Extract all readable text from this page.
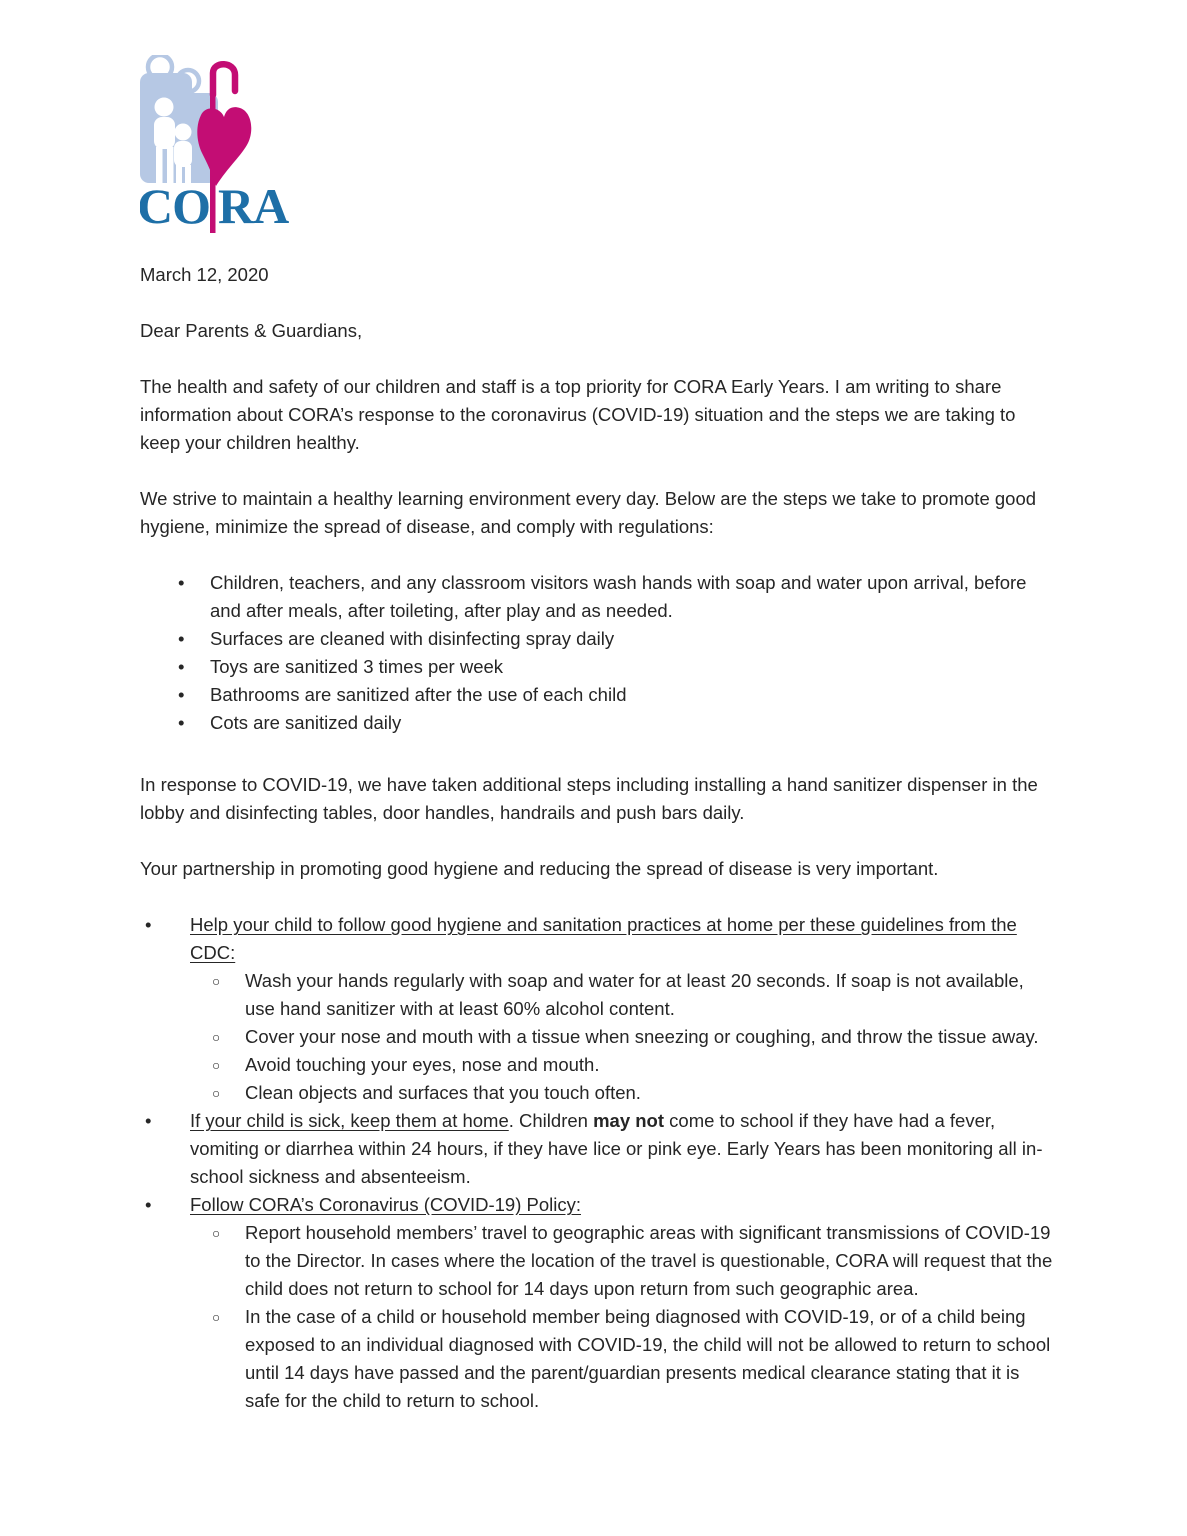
CO RA

March 12, 2020

Dear Parents & Guardians,

The health and safety of our children and staff is a top priority for CORA Early Years. I am writing to share information about CORA’s response to the coronavirus (COVID-19) situation and the steps we are taking to keep your children healthy.

We strive to maintain a healthy learning environment every day. Below are the steps we take to promote good hygiene, minimize the spread of disease, and comply with regulations:

• Children, teachers, and any classroom visitors wash hands with soap and water upon arrival, before and after meals, after toileting, after play and as needed.
• Surfaces are cleaned with disinfecting spray daily
• Toys are sanitized 3 times per week
• Bathrooms are sanitized after the use of each child
• Cots are sanitized daily

In response to COVID-19, we have taken additional steps including installing a hand sanitizer dispenser in the lobby and disinfecting tables, door handles, handrails and push bars daily.

Your partnership in promoting good hygiene and reducing the spread of disease is very important.

• Help your child to follow good hygiene and sanitation practices at home per these guidelines from the CDC:
○ Wash your hands regularly with soap and water for at least 20 seconds. If soap is not available, use hand sanitizer with at least 60% alcohol content.
○ Cover your nose and mouth with a tissue when sneezing or coughing, and throw the tissue away.
○ Avoid touching your eyes, nose and mouth.
○ Clean objects and surfaces that you touch often.
• If your child is sick, keep them at home. Children may not come to school if they have had a fever, vomiting or diarrhea within 24 hours, if they have lice or pink eye. Early Years has been monitoring all in-school sickness and absenteeism.
• Follow CORA’s Coronavirus (COVID-19) Policy:
○ Report household members’ travel to geographic areas with significant transmissions of COVID-19 to the Director. In cases where the location of the travel is questionable, CORA will request that the child does not return to school for 14 days upon return from such geographic area.
○ In the case of a child or household member being diagnosed with COVID-19, or of a child being exposed to an individual diagnosed with COVID-19, the child will not be allowed to return to school until 14 days have passed and the parent/guardian presents medical clearance stating that it is safe for the child to return to school.
